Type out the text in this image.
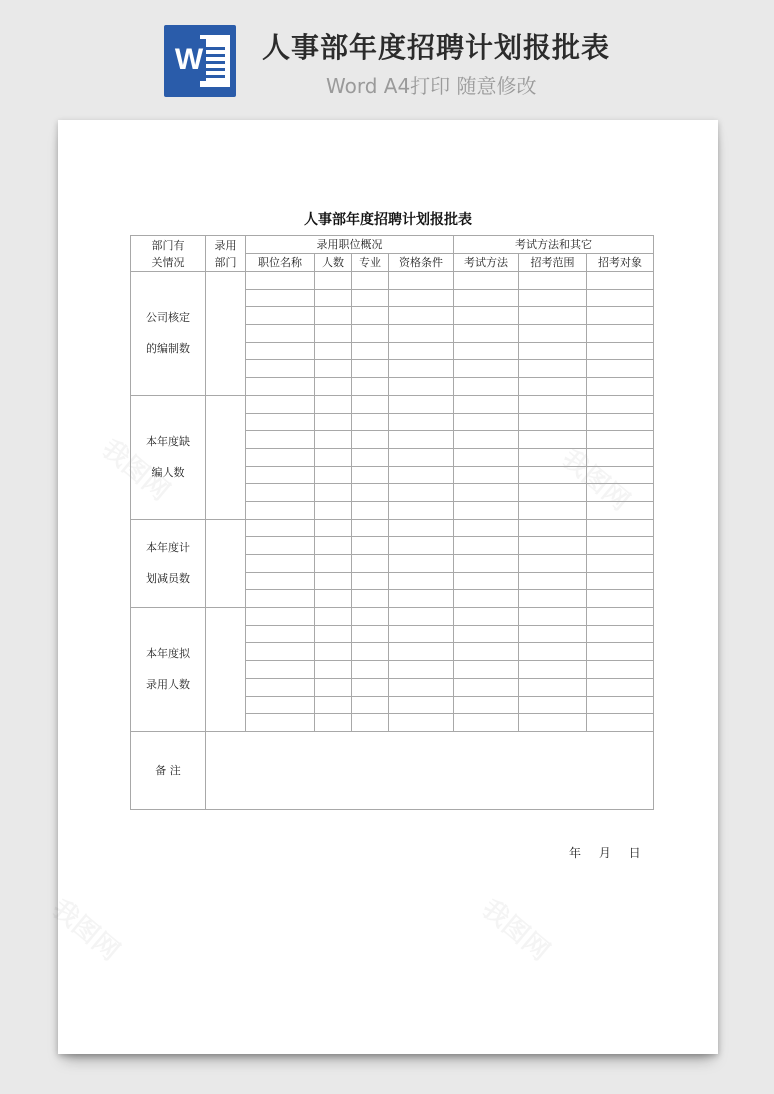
W 人事部年度招聘计划报批表
Word A4打印 随意修改
人事部年度招聘计划报批表
部门有关情况	录用部门	录用职位概况				考试方法和其它		
		职位名称	人数	专业	资格条件	考试方法	招考范围	招考对象
公司核定的编制数								

本年度缺编人数								

本年度计划减员数								

本年度拟录用人数								

备 注								
年 月 日
